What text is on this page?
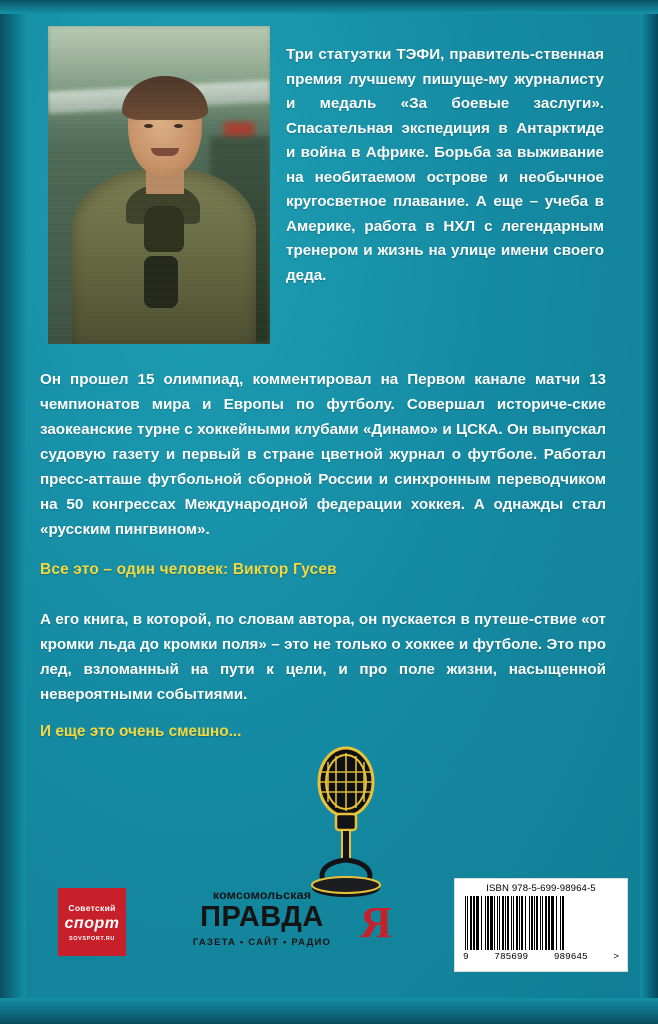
Три статуэтки ТЭФИ, правитель-ственная премия лучшему пишуще-му журналисту и медаль «За боевые заслуги». Спасательная экспедиция в Антарктиде и война в Африке. Борьба за выживание на необитаемом острове и необычное кругосветное плавание. А еще – учеба в Америке, работа в НХЛ с легендарным тренером и жизнь на улице имени своего деда.

Он прошел 15 олимпиад, комментировал на Первом канале матчи 13 чемпионатов мира и Европы по футболу. Совершал историче-ские заокеанские турне с хоккейными клубами «Динамо» и ЦСКА. Он выпускал судовую газету и первый в стране цветной журнал о футболе. Работал пресс-атташе футбольной сборной России и синхронным переводчиком на 50 конгрессах Международной федерации хоккея. А однажды стал «русским пингвином».

Все это – один человек: Виктор Гусев

А его книга, в которой, по словам автора, он пускается в путеше-ствие «от кромки льда до кромки поля» – это не только о хоккее и футболе. Это про лед, взломанный на пути к цели, и про поле жизни, насыщенной невероятными событиями.

И еще это очень смешно...

Советский
спорт
SOVSPORT.RU
комсомольская
ПРАВДА
ГАЗЕТА • САЙТ • РАДИО Я
ISBN 978-5-699-98964-5
9	785699	989645	>
